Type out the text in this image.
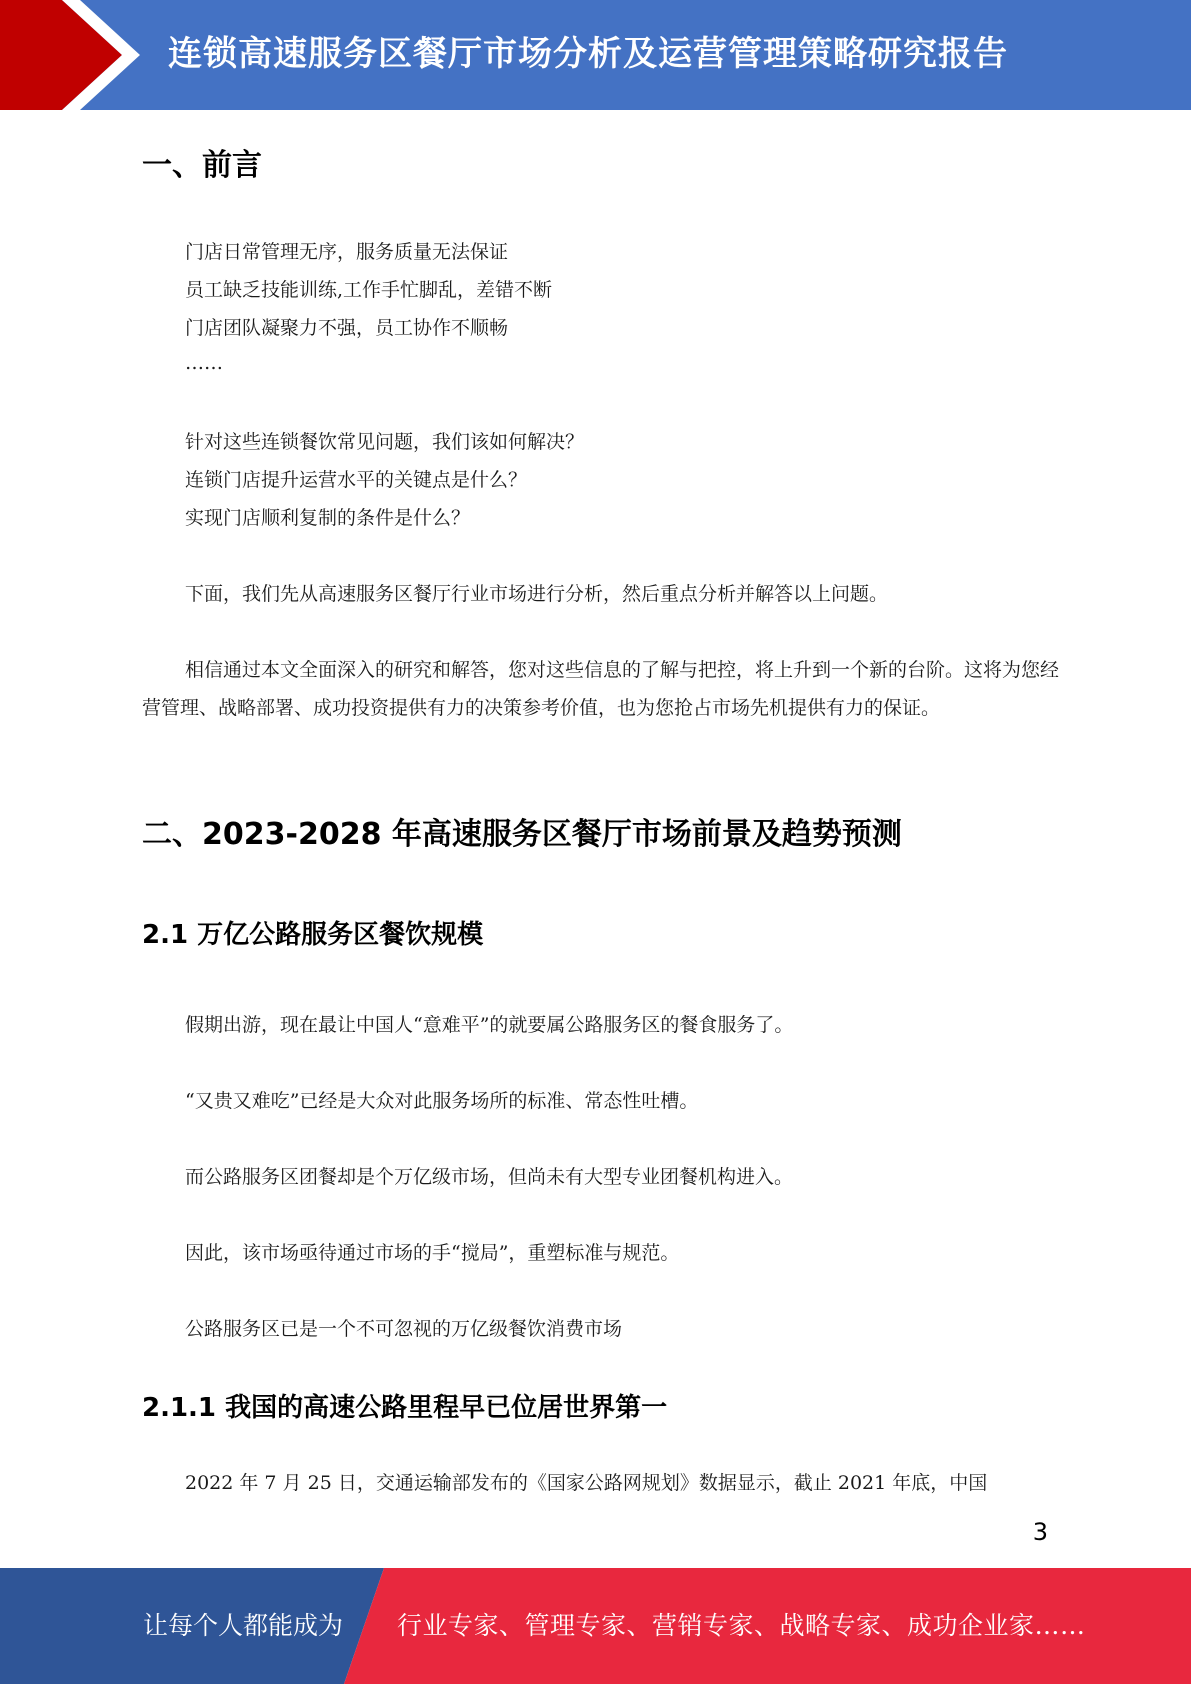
连锁高速服务区餐厅市场分析及运营管理策略研究报告
一、前言
门店日常管理无序，服务质量无法保证
员工缺乏技能训练,工作手忙脚乱，差错不断
门店团队凝聚力不强，员工协作不顺畅
……
针对这些连锁餐饮常见问题，我们该如何解决？
连锁门店提升运营水平的关键点是什么？
实现门店顺利复制的条件是什么？
下面，我们先从高速服务区餐厅行业市场进行分析，然后重点分析并解答以上问题。
相信通过本文全面深入的研究和解答，您对这些信息的了解与把控，将上升到一个新的台阶。这将为您经营管理、战略部署、成功投资提供有力的决策参考价值，也为您抢占市场先机提供有力的保证。
二、2023-2028 年高速服务区餐厅市场前景及趋势预测
2.1 万亿公路服务区餐饮规模
假期出游，现在最让中国人“意难平”的就要属公路服务区的餐食服务了。
“又贵又难吃”已经是大众对此服务场所的标准、常态性吐槽。
而公路服务区团餐却是个万亿级市场，但尚未有大型专业团餐机构进入。
因此，该市场亟待通过市场的手“搅局”，重塑标准与规范。
公路服务区已是一个不可忽视的万亿级餐饮消费市场
2.1.1 我国的高速公路里程早已位居世界第一
2022 年 7 月 25 日，交通运输部发布的《国家公路网规划》数据显示，截止 2021 年底，中国
3
让每个人都能成为 行业专家、管理专家、营销专家、战略专家、成功企业家……
